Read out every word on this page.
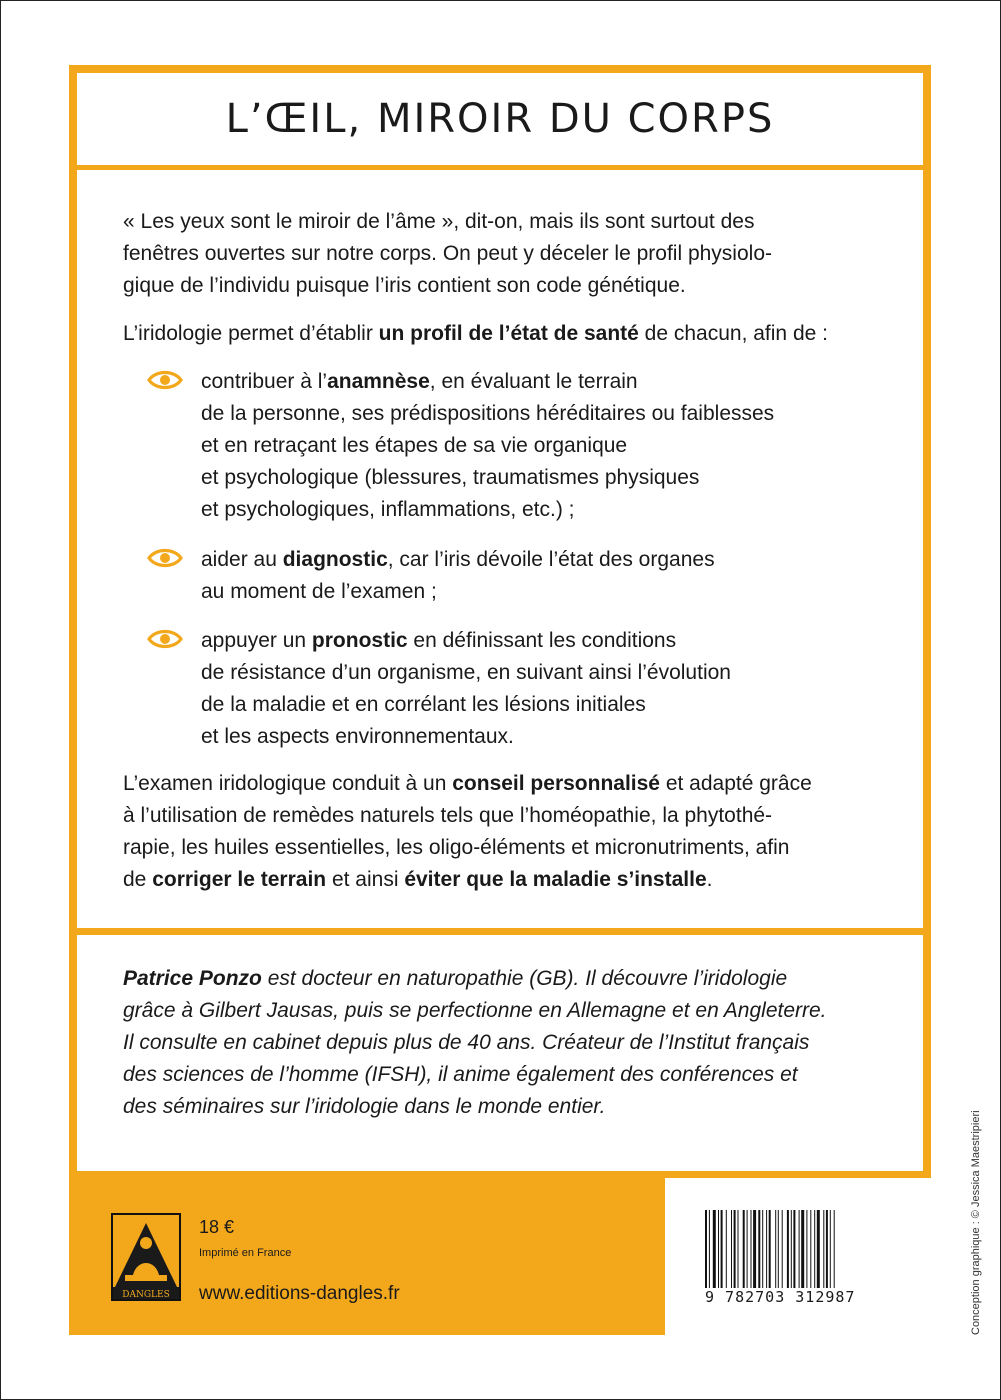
L’ŒIL, MIROIR DU CORPS

« Les yeux sont le miroir de l’âme », dit-on, mais ils sont surtout des
fenêtres ouvertes sur notre corps. On peut y déceler le profil physiolo-
gique de l’individu puisque l’iris contient son code génétique.

L’iridologie permet d’établir un profil de l’état de santé de chacun, afin de :

contribuer à l’anamnèse, en évaluant le terrain
de la personne, ses prédispositions héréditaires ou faiblesses
et en retraçant les étapes de sa vie organique
et psychologique (blessures, traumatismes physiques
et psychologiques, inflammations, etc.) ;

aider au diagnostic, car l’iris dévoile l’état des organes
au moment de l’examen ;

appuyer un pronostic en définissant les conditions
de résistance d’un organisme, en suivant ainsi l’évolution
de la maladie et en corrélant les lésions initiales
et les aspects environnementaux.

L’examen iridologique conduit à un conseil personnalisé et adapté grâce
à l’utilisation de remèdes naturels tels que l’homéopathie, la phytothé-
rapie, les huiles essentielles, les oligo-éléments et micronutriments, afin
de corriger le terrain et ainsi éviter que la maladie s’installe.

Patrice Ponzo est docteur en naturopathie (GB). Il découvre l’iridologie
grâce à Gilbert Jausas, puis se perfectionne en Allemagne et en Angleterre.
Il consulte en cabinet depuis plus de 40 ans. Créateur de l’Institut français
des sciences de l’homme (IFSH), il anime également des conférences et
des séminaires sur l’iridologie dans le monde entier.

DANGLES
18 €
Imprimé en France
www.editions-dangles.fr	9 782703 312987	Conception graphique : © Jessica Maestripieri
